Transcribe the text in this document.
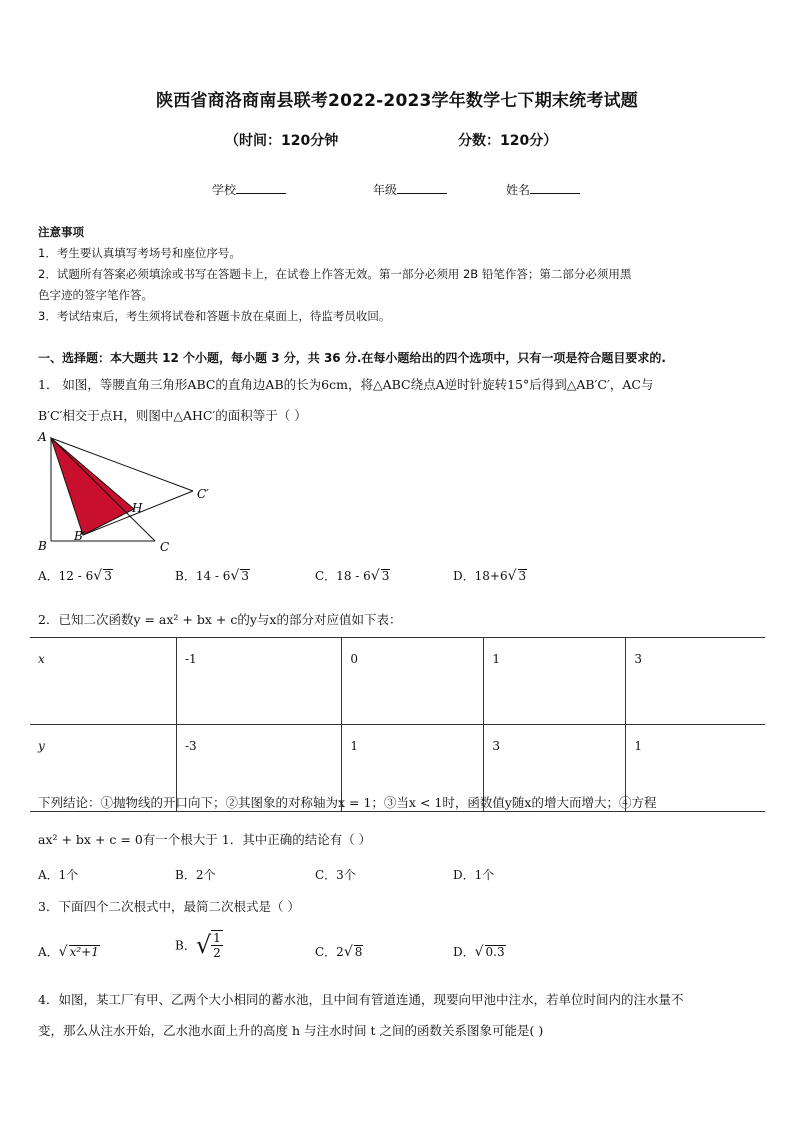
陕西省商洛商南县联考2022-2023学年数学七下期末统考试题
（时间：120分钟	分数：120分）
学校	年级	姓名
注意事项
1．考生要认真填写考场号和座位序号。
2．试题所有答案必须填涂或书写在答题卡上，在试卷上作答无效。第一部分必须用 2B 铅笔作答；第二部分必须用黑
色字迹的签字笔作答。
3．考试结束后，考生须将试卷和答题卡放在桌面上，待监考员收回。
一、选择题：本大题共 12 个小题，每小题 3 分，共 36 分.在每小题给出的四个选项中，只有一项是符合题目要求的.
1． 如图，等腰直角三角形ABC的直角边AB的长为6cm，将△ABC绕点A逆时针旋转15°后得到△AB′C′，AC与
B′C′相交于点H，则图中△AHC′的面积等于（ ）
A
B	C
C′
H
B′
A．12 - 6√ 3	B．14 - 6√ 3	C．18 - 6√ 3	D．18+6√ 3
2．已知二次函数y = ax² + bx + c的y与x的部分对应值如下表：
x	-1	0	1	3
y	-3	1	3	1
下列结论：①抛物线的开口向下；②其图象的对称轴为x = 1；③当x < 1时，函数值y随x的增大而增大；④方程
ax² + bx + c = 0有一个根大于 1．其中正确的结论有（ ）
A．1个	B．2个	C．3个	D．1个
3．下面四个二次根式中，最简二次根式是（ ）
A．√ x²+1	B．√ $\frac{1}{2}$	C．2√ 8	D．√ 0.3
4．如图，某工厂有甲、乙两个大小相同的蓄水池，且中间有管道连通，现要向甲池中注水，若单位时间内的注水量不
变，那么从注水开始，乙水池水面上升的高度 h 与注水时间 t 之间的函数关系图象可能是( )
